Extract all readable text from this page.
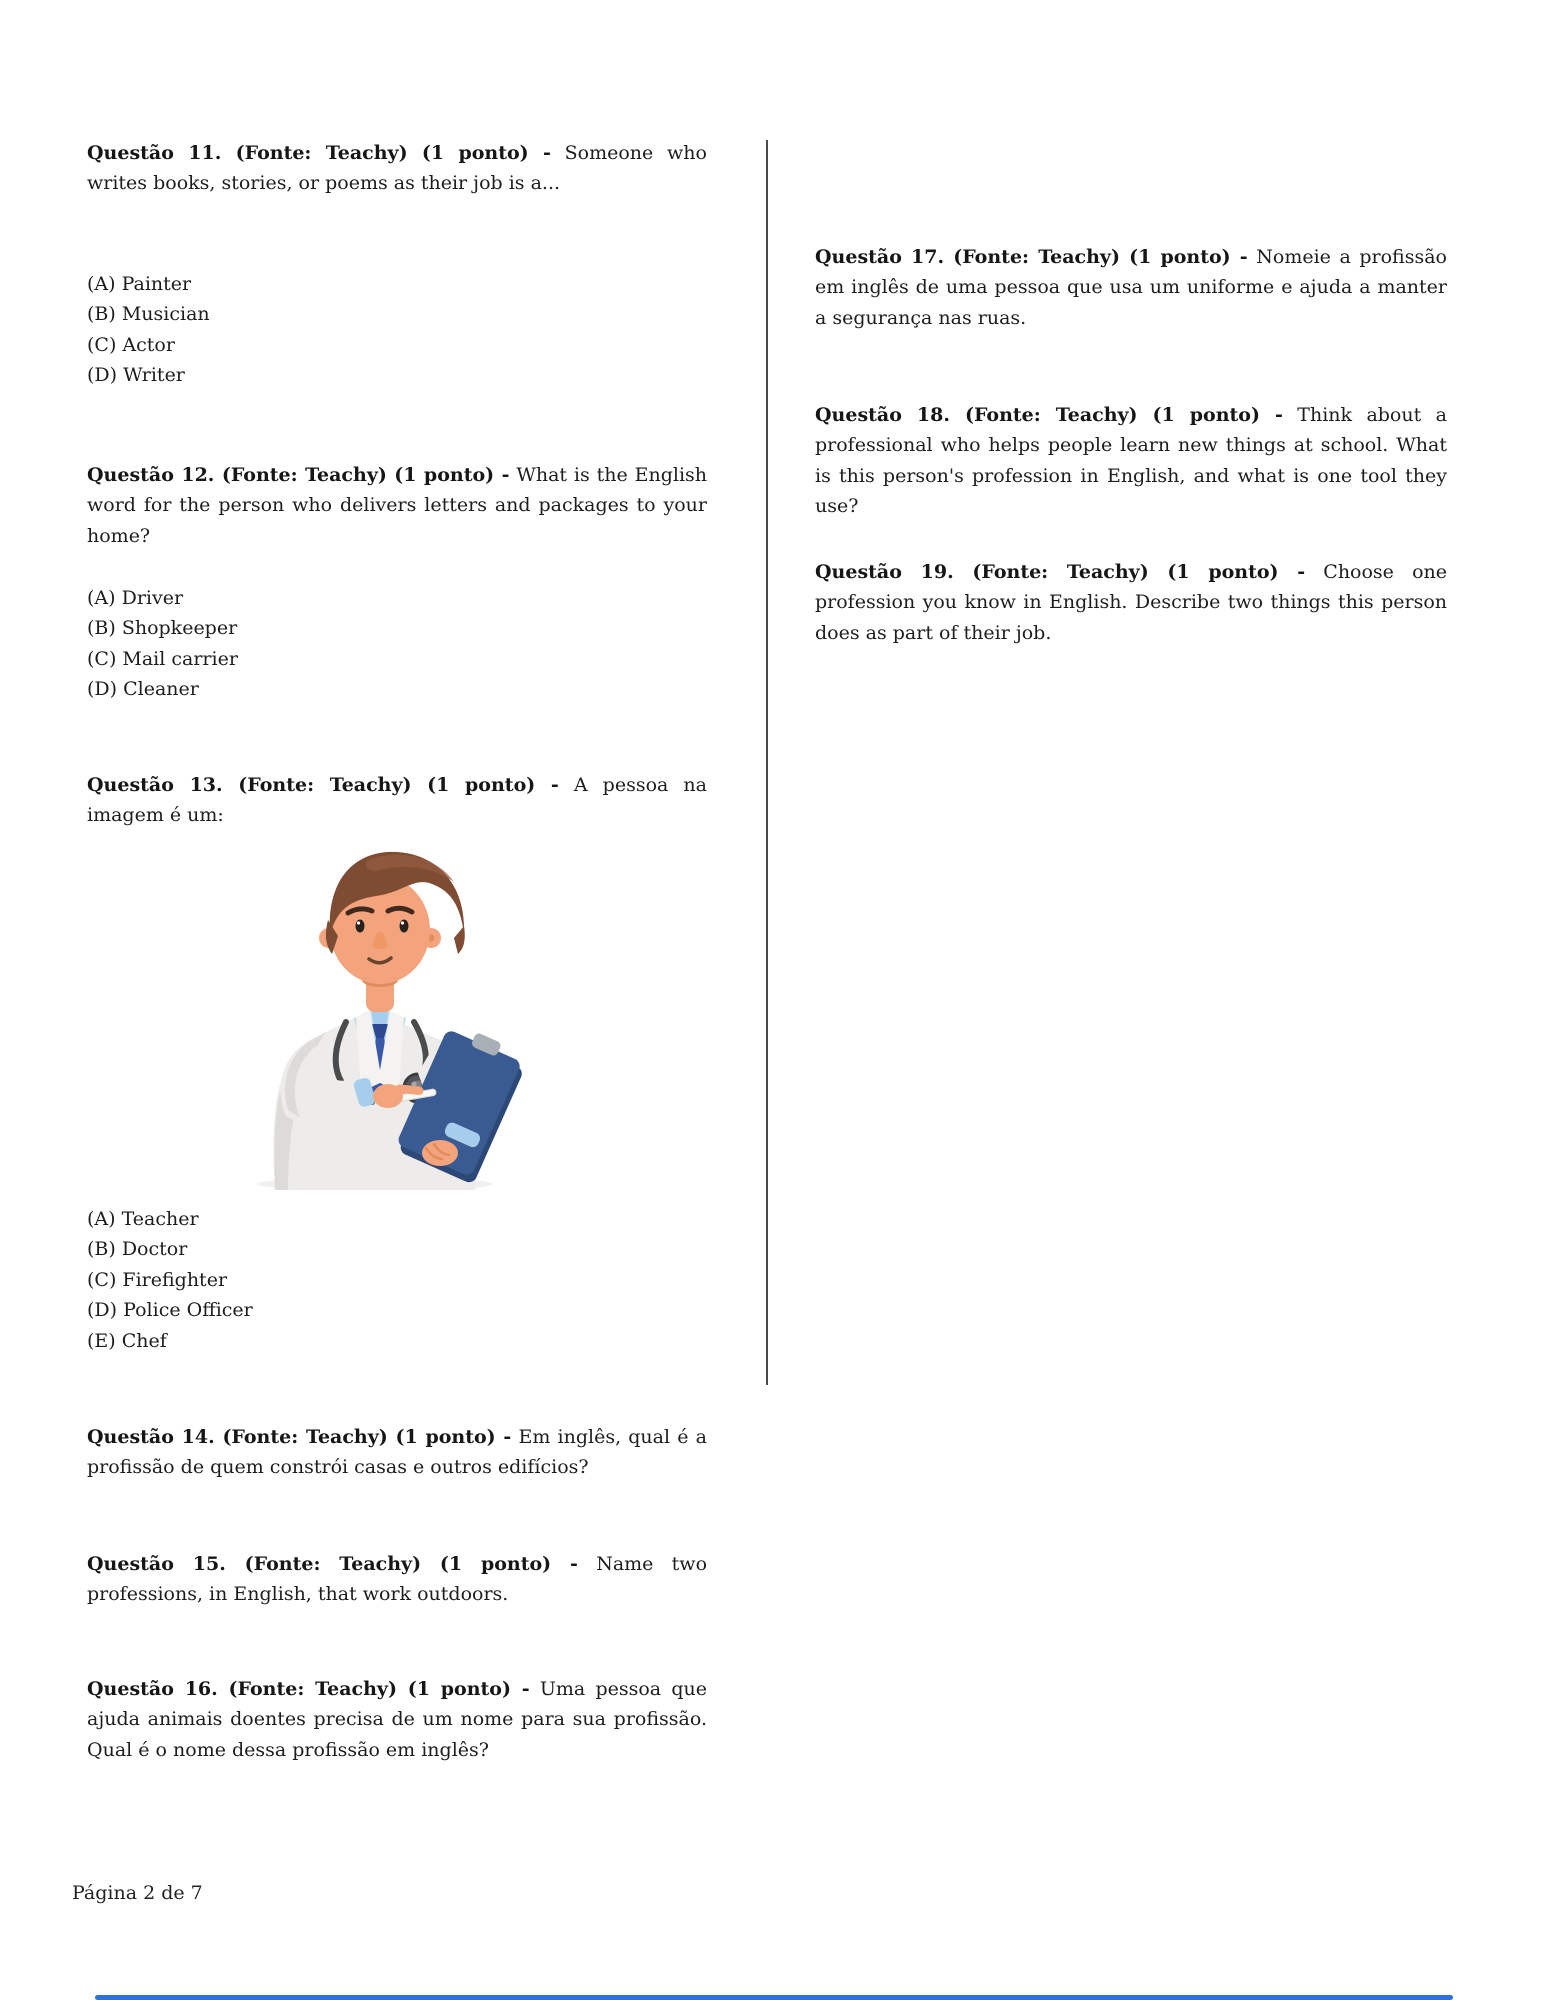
Questão 11. (Fonte: Teachy) (1 ponto) - Someone who writes books, stories, or poems as their job is a...

(A) Painter
(B) Musician
(C) Actor
(D) Writer

Questão 12. (Fonte: Teachy) (1 ponto) - What is the English word for the person who delivers letters and packages to your home?

(A) Driver
(B) Shopkeeper
(C) Mail carrier
(D) Cleaner

Questão 13. (Fonte: Teachy) (1 ponto) - A pessoa na imagem é um:

(A) Teacher
(B) Doctor
(C) Firefighter
(D) Police Officer
(E) Chef

Questão 14. (Fonte: Teachy) (1 ponto) - Em inglês, qual é a profissão de quem constrói casas e outros edifícios?

Questão 15. (Fonte: Teachy) (1 ponto) - Name two professions, in English, that work outdoors.

Questão 16. (Fonte: Teachy) (1 ponto) - Uma pessoa que ajuda animais doentes precisa de um nome para sua profissão. Qual é o nome dessa profissão em inglês?

Questão 17. (Fonte: Teachy) (1 ponto) - Nomeie a profissão em inglês de uma pessoa que usa um uniforme e ajuda a manter a segurança nas ruas.

Questão 18. (Fonte: Teachy) (1 ponto) - Think about a professional who helps people learn new things at school. What is this person's profession in English, and what is one tool they use?

Questão 19. (Fonte: Teachy) (1 ponto) - Choose one profession you know in English. Describe two things this person does as part of their job.

Página 2 de 7
